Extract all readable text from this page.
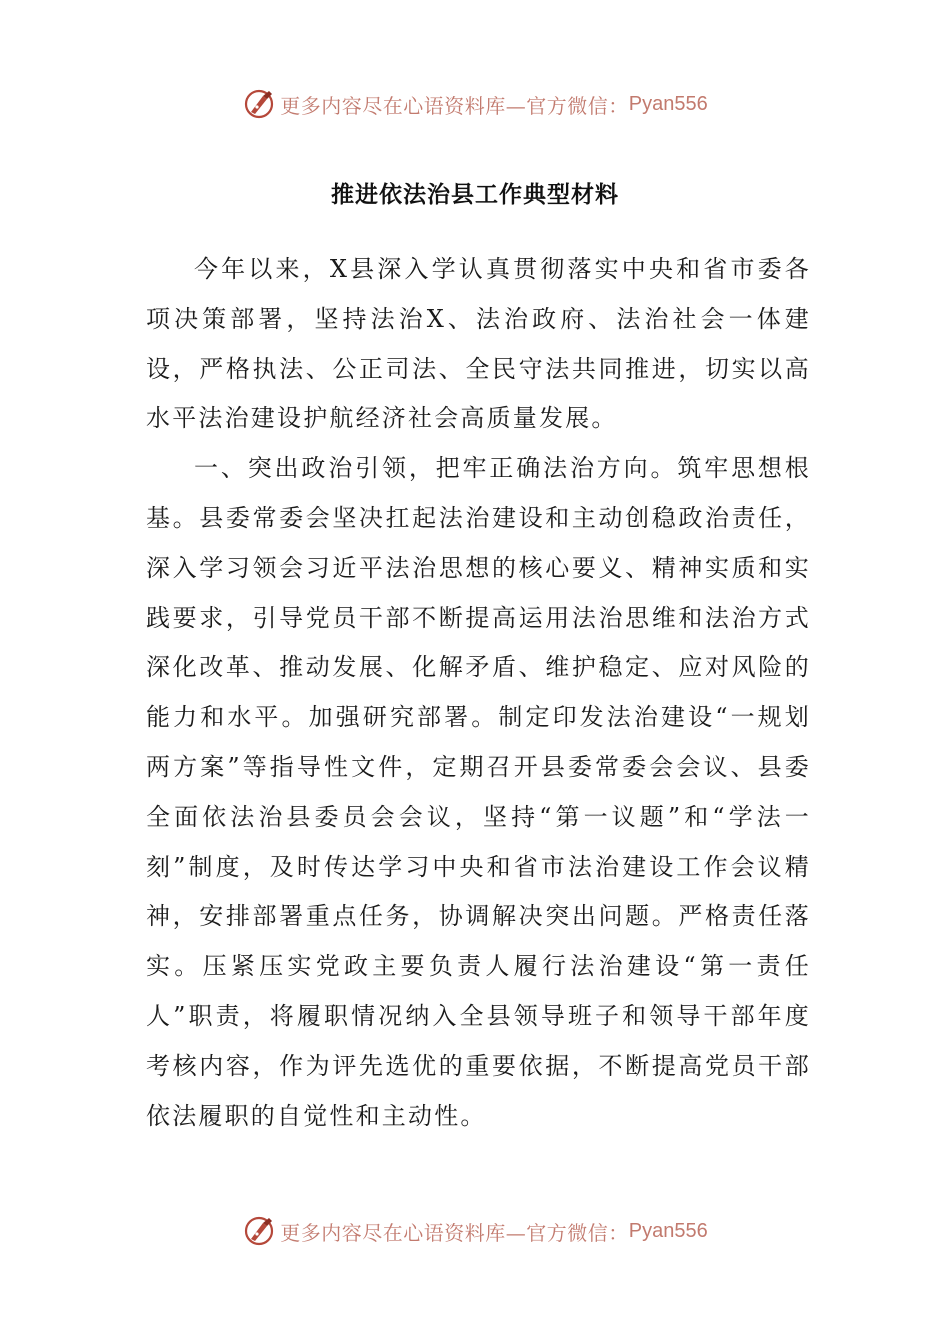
更多内容尽在心语资料库—官方微信： Pyan556
推进依法治县工作典型材料

今年以来，X县深入学认真贯彻落实中央和省市委各项决策部署，坚持法治X、法治政府、法治社会一体建设，严格执法、公正司法、全民守法共同推进，切实以高水平法治建设护航经济社会高质量发展。

一、突出政治引领，把牢正确法治方向。筑牢思想根基。县委常委会坚决扛起法治建设和主动创稳政治责任，深入学习领会习近平法治思想的核心要义、精神实质和实践要求，引导党员干部不断提高运用法治思维和法治方式深化改革、推动发展、化解矛盾、维护稳定、应对风险的能力和水平。加强研究部署。制定印发法治建设“一规划两方案”等指导性文件，定期召开县委常委会会议、县委全面依法治县委员会会议，坚持“第一议题”和“学法一刻”制度，及时传达学习中央和省市法治建设工作会议精神，安排部署重点任务，协调解决突出问题。严格责任落实。压紧压实党政主要负责人履行法治建设“第一责任人”职责，将履职情况纳入全县领导班子和领导干部年度考核内容，作为评先选优的重要依据，不断提高党员干部依法履职的自觉性和主动性。

更多内容尽在心语资料库—官方微信： Pyan556
